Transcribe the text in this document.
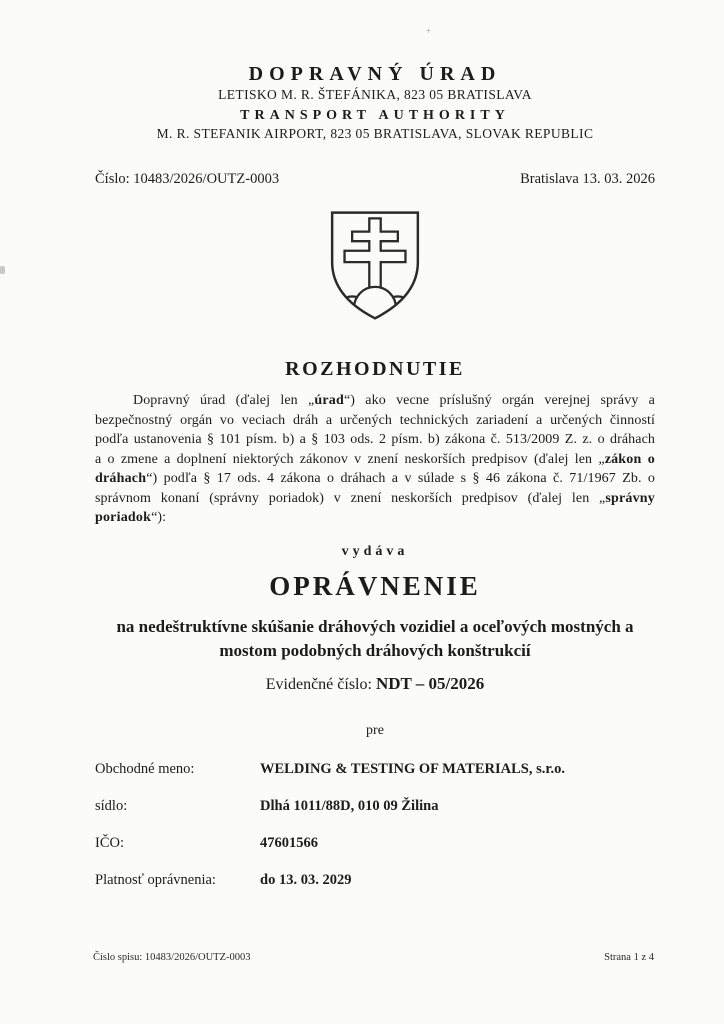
+
DOPRAVNÝ ÚRAD
LETISKO M. R. ŠTEFÁNIKA, 823 05 BRATISLAVA
TRANSPORT AUTHORITY
M. R. STEFANIK AIRPORT, 823 05 BRATISLAVA, SLOVAK REPUBLIC
Číslo: 10483/2026/OUTZ-0003	Bratislava 13. 03. 2026
ROZHODNUTIE

Dopravný úrad (ďalej len „úrad“) ako vecne príslušný orgán verejnej správy a bezpečnostný orgán vo veciach dráh a určených technických zariadení a určených činností podľa ustanovenia § 101 písm. b) a § 103 ods. 2 písm. b) zákona č. 513/2009 Z. z. o dráhach a o zmene a doplnení niektorých zákonov v znení neskorších predpisov (ďalej len „zákon o dráhach“) podľa § 17 ods. 4 zákona o dráhach a v súlade s § 46 zákona č. 71/1967 Zb. o správnom konaní (správny poriadok) v znení neskorších predpisov (ďalej len „správny poriadok“):

vydáva
OPRÁVNENIE
na nedeštruktívne skúšanie dráhových vozidiel a oceľových mostných a mostom podobných dráhových konštrukcií
Evidenčné číslo: NDT – 05/2026
pre
Obchodné meno:	WELDING & TESTING OF MATERIALS, s.r.o.
sídlo:	Dlhá 1011/88D, 010 09 Žilina
IČO:	47601566
Platnosť oprávnenia:	do 13. 03. 2029
Číslo spisu: 10483/2026/OUTZ-0003	Strana 1 z 4
